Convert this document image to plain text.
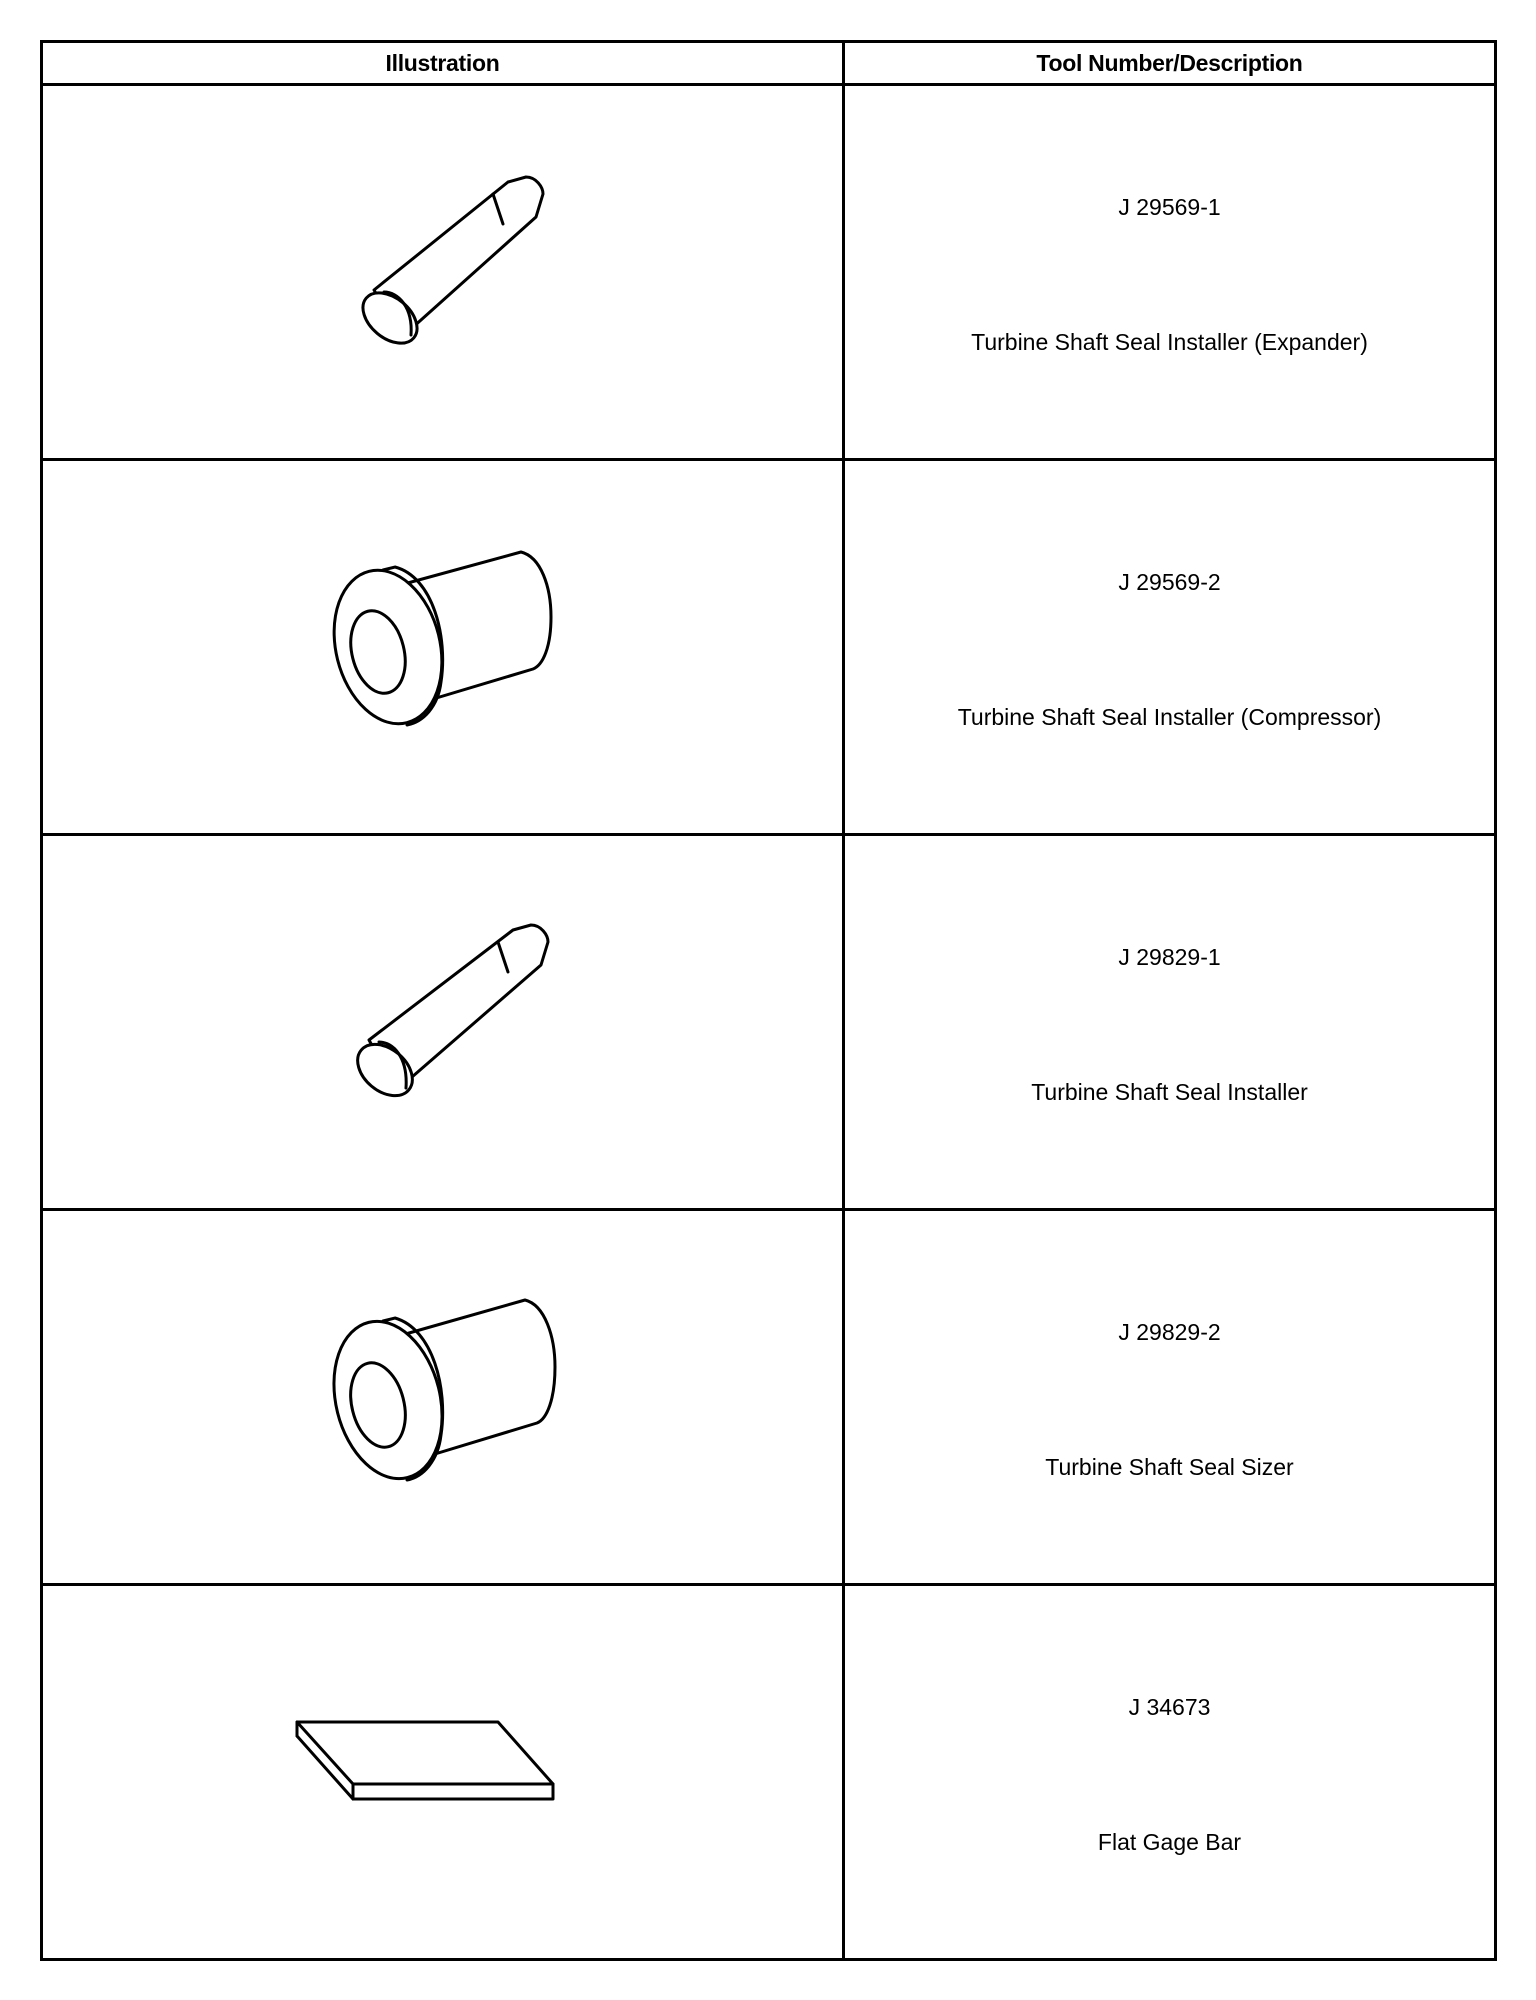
Illustration	Tool Number/Description

J 29569-1
Turbine Shaft Seal Installer (Expander)

J 29569-2
Turbine Shaft Seal Installer (Compressor)

J 29829-1
Turbine Shaft Seal Installer

J 29829-2
Turbine Shaft Seal Sizer

J 34673
Flat Gage Bar
